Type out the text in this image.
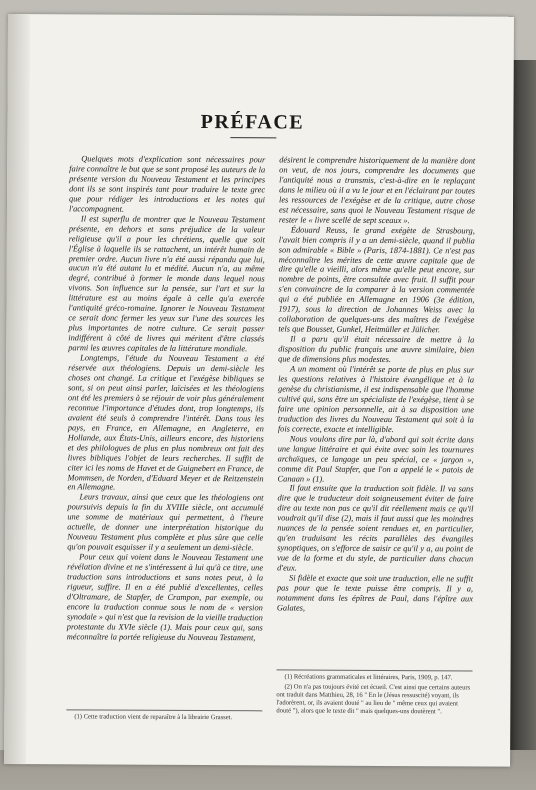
PRÉFACE

Quelques mots d'explication sont nécessaires pour faire connaître le but que se sont proposé les auteurs de la présente version du Nouveau Testament et les principes dont ils se sont inspirés tant pour traduire le texte grec que pour rédiger les introductions et les notes qui l'accompagnent.

Il est superflu de montrer que le Nouveau Testament présente, en dehors et sans préjudice de la valeur religieuse qu'il a pour les chrétiens, quelle que soit l'Église à laquelle ils se rattachent, un intérêt humain de premier ordre. Aucun livre n'a été aussi répandu que lui, aucun n'a été autant lu et médité. Aucun n'a, au même degré, contribué à former le monde dans lequel nous vivons. Son influence sur la pensée, sur l'art et sur la littérature est au moins égale à celle qu'a exercée l'antiquité gréco-romaine. Ignorer le Nouveau Testament ce serait donc fermer les yeux sur l'une des sources les plus importantes de notre culture. Ce serait passer indifférent à côté de livres qui méritent d'être classés parmi les œuvres capitales de la littérature mondiale.

Longtemps, l'étude du Nouveau Testament a été réservée aux théologiens. Depuis un demi-siècle les choses ont changé. La critique et l'exégèse bibliques se sont, si on peut ainsi parler, laïcisées et les théologiens ont été les premiers à se réjouir de voir plus généralement reconnue l'importance d'études dont, trop longtemps, ils avaient été seuls à comprendre l'intérêt. Dans tous les pays, en France, en Allemagne, en Angleterre, en Hollande, aux États-Unis, ailleurs encore, des historiens et des philologues de plus en plus nombreux ont fait des livres bibliques l'objet de leurs recherches. Il suffit de citer ici les noms de Havet et de Guignebert en France, de Mommsen, de Norden, d'Eduard Meyer et de Reitzenstein en Allemagne.

Leurs travaux, ainsi que ceux que les théologiens ont poursuivis depuis la fin du XVIIIe siècle, ont accumulé une somme de matériaux qui permettent, à l'heure actuelle, de donner une interprétation historique du Nouveau Testament plus complète et plus sûre que celle qu'on pouvait esquisser il y a seulement un demi-siècle.

Pour ceux qui voient dans le Nouveau Testament une révélation divine et ne s'intéressent à lui qu'à ce titre, une traduction sans introductions et sans notes peut, à la rigueur, suffire. Il en a été publié d'excellentes, celles d'Oltramare, de Stapfer, de Crampon, par exemple, ou encore la traduction connue sous le nom de « version synodale » qui n'est que la revision de la vieille traduction protestante du XVIe siècle (1). Mais pour ceux qui, sans méconnaître la portée religieuse du Nouveau Testament,

désirent le comprendre historiquement de la manière dont on veut, de nos jours, comprendre les documents que l'antiquité nous a transmis, c'est-à-dire en le replaçant dans le milieu où il a vu le jour et en l'éclairant par toutes les ressources de l'exégèse et de la critique, autre chose est nécessaire, sans quoi le Nouveau Testament risque de rester le « livre scellé de sept sceaux ».

Édouard Reuss, le grand exégète de Strasbourg, l'avait bien compris il y a un demi-siècle, quand il publia son admirable « Bible » (Paris, 1874-1881). Ce n'est pas méconnaître les mérites de cette œuvre capitale que de dire qu'elle a vieilli, alors même qu'elle peut encore, sur nombre de points, être consultée avec fruit. Il suffit pour s'en convaincre de la comparer à la version commentée qui a été publiée en Allemagne en 1906 (3e édition, 1917), sous la direction de Johannes Weiss avec la collaboration de quelques-uns des maîtres de l'exégèse tels que Bousset, Gunkel, Heitmüller et Jülicher.

Il a paru qu'il était nécessaire de mettre à la disposition du public français une œuvre similaire, bien que de dimensions plus modestes.

A un moment où l'intérêt se porte de plus en plus sur les questions relatives à l'histoire évangélique et à la genèse du christianisme, il est indispensable que l'homme cultivé qui, sans être un spécialiste de l'exégèse, tient à se faire une opinion personnelle, ait à sa disposition une traduction des livres du Nouveau Testament qui soit à la fois correcte, exacte et intelligible.

Nous voulons dire par là, d'abord qui soit écrite dans une langue littéraire et qui évite avec soin les tournures archaïques, ce langage un peu spécial, ce « jargon », comme dit Paul Stapfer, que l'on a appelé le « patois de Canaan » (1).

Il faut ensuite que la traduction soit fidèle. Il va sans dire que le traducteur doit soigneusement éviter de faire dire au texte non pas ce qu'il dit réellement mais ce qu'il voudrait qu'il dise (2), mais il faut aussi que les moindres nuances de la pensée soient rendues et, en particulier, qu'en traduisant les récits parallèles des évangiles synoptiques, on s'efforce de saisir ce qu'il y a, au point de vue de la forme et du style, de particulier dans chacun d'eux.

Si fidèle et exacte que soit une traduction, elle ne suffit pas pour que le texte puisse être compris. Il y a, notamment dans les épîtres de Paul, dans l'épître aux Galates,

(1) Cette traduction vient de reparaître à la librairie Grasset.

(1) Récréations grammaticales et littéraires, Paris, 1909, p. 147.

(2) On n'a pas toujours évité cet écueil. C'est ainsi que certains auteurs ont traduit dans Matthieu, 28, 16 " En le (Jésus ressuscité) voyant, ils l'adorèrent, or, ils avaient douté " au lieu de " même ceux qui avaient douté "), alors que le texte dit " mais quelques-uns doutèrent ".
